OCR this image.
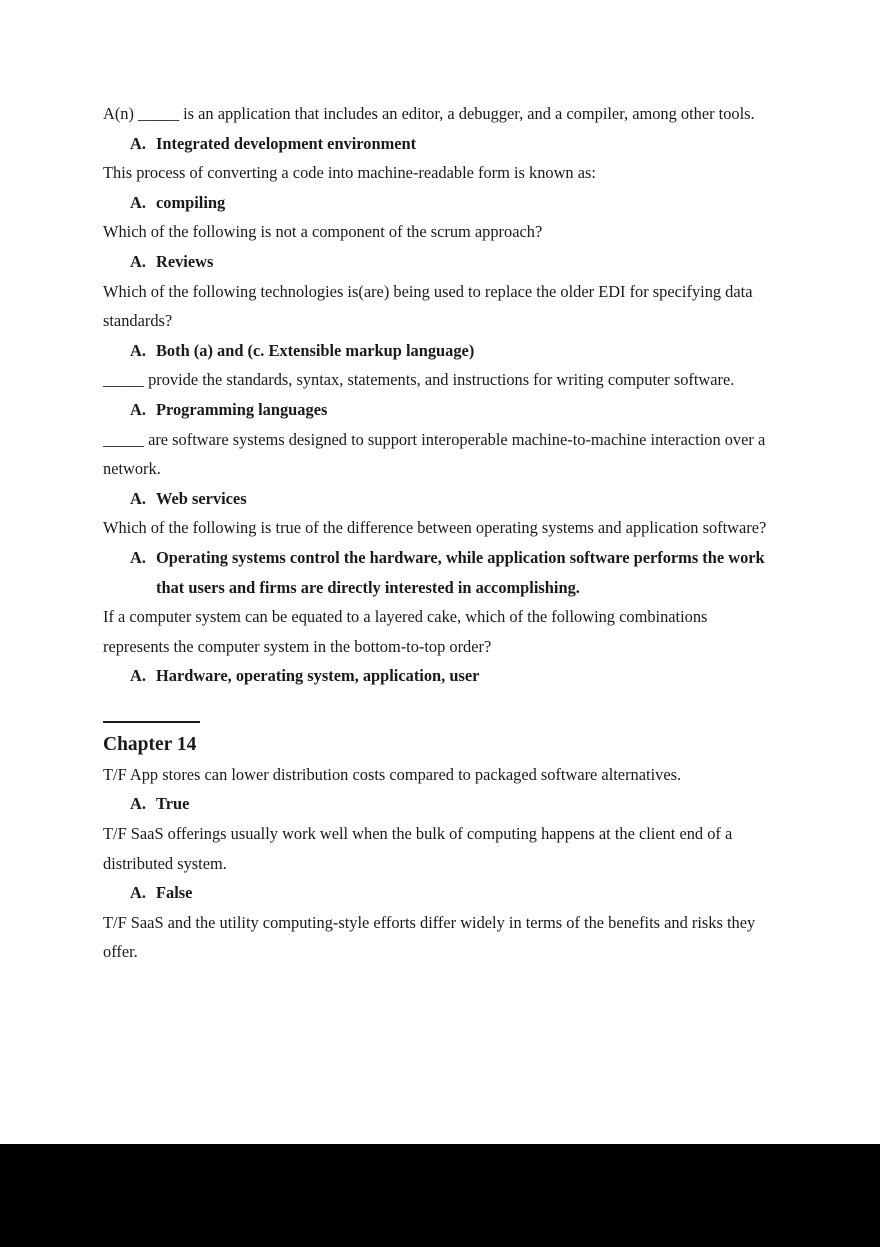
A(n) _____ is an application that includes an editor, a debugger, and a compiler, among other tools.

A. Integrated development environment

This process of converting a code into machine-readable form is known as:

A. compiling

Which of the following is not a component of the scrum approach?

A. Reviews

Which of the following technologies is(are) being used to replace the older EDI for specifying data standards?

A. Both (a) and (c. Extensible markup language)

_____ provide the standards, syntax, statements, and instructions for writing computer software.

A. Programming languages

_____ are software systems designed to support interoperable machine-to-machine interaction over a network.

A. Web services

Which of the following is true of the difference between operating systems and application software?

A. Operating systems control the hardware, while application software performs the work that users and firms are directly interested in accomplishing.

If a computer system can be equated to a layered cake, which of the following combinations represents the computer system in the bottom-to-top order?

A. Hardware, operating system, application, user

Chapter 14

T/F App stores can lower distribution costs compared to packaged software alternatives.

A. True

T/F SaaS offerings usually work well when the bulk of computing happens at the client end of a distributed system.

A. False

T/F SaaS and the utility computing-style efforts differ widely in terms of the benefits and risks they offer.
